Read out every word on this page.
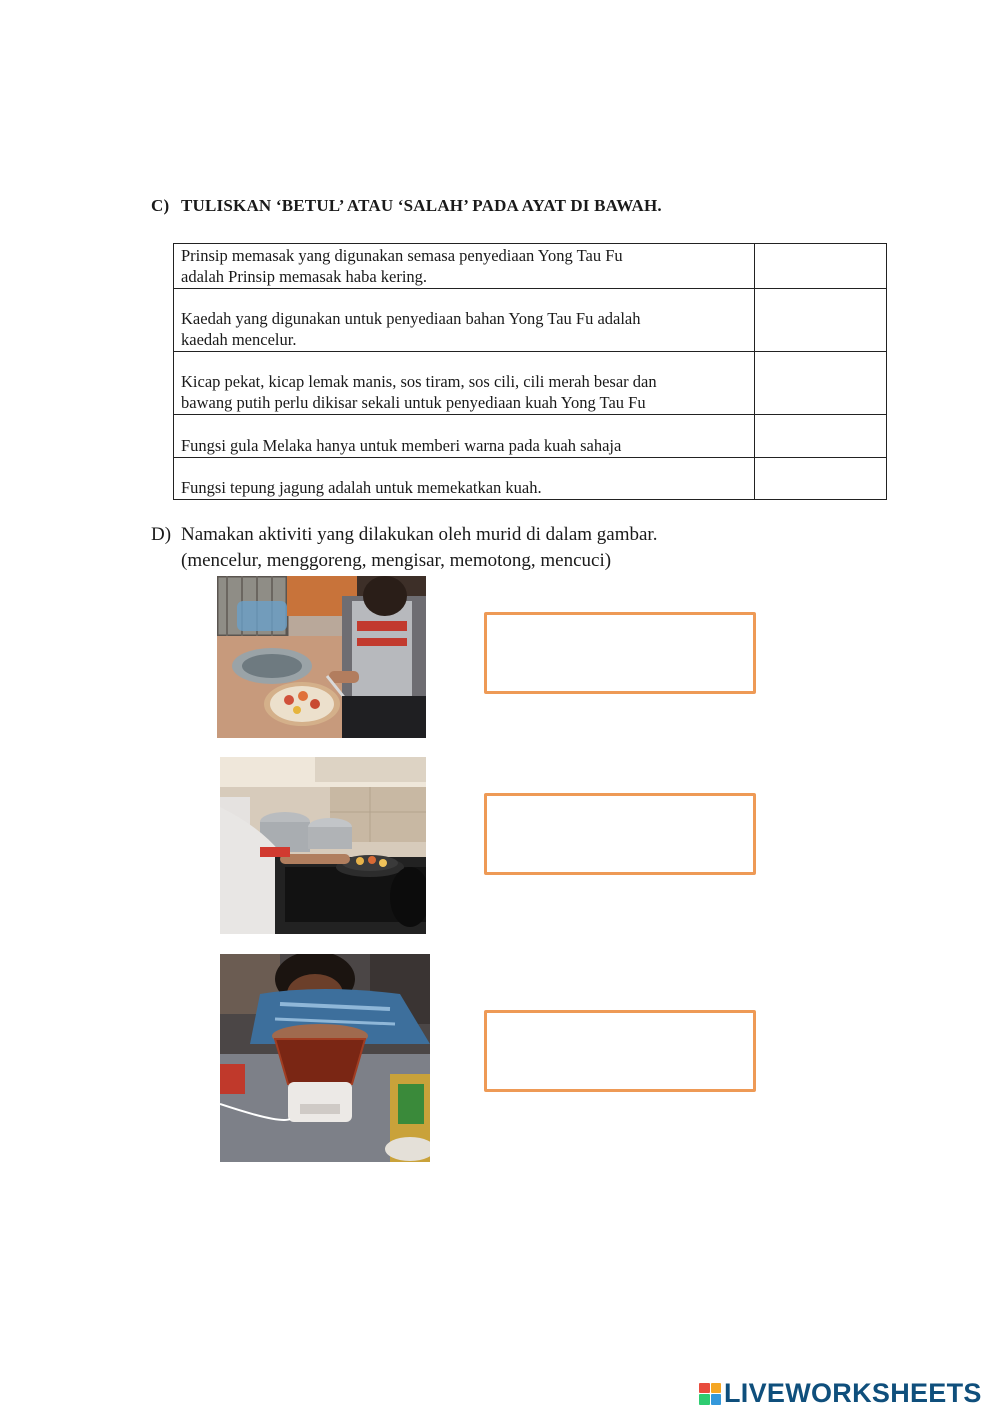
C) TULISKAN ‘BETUL’ ATAU ‘SALAH’ PADA AYAT DI BAWAH.
Prinsip memasak yang digunakan semasa penyediaan Yong Tau Fu
adalah Prinsip memasak haba kering.	

Kaedah yang digunakan untuk penyediaan bahan Yong Tau Fu adalah
kaedah mencelur.	

Kicap pekat, kicap lemak manis, sos tiram, sos cili, cili merah besar dan
bawang putih perlu dikisar sekali untuk penyediaan kuah Yong Tau Fu	

Fungsi gula Melaka hanya untuk memberi warna pada kuah sahaja	

Fungsi tepung jagung adalah untuk memekatkan kuah.	

D) Namakan aktiviti yang dilakukan oleh murid di dalam gambar.
(mencelur, menggoreng, mengisar, memotong, mencuci)
LIVEWORKSHEETS
